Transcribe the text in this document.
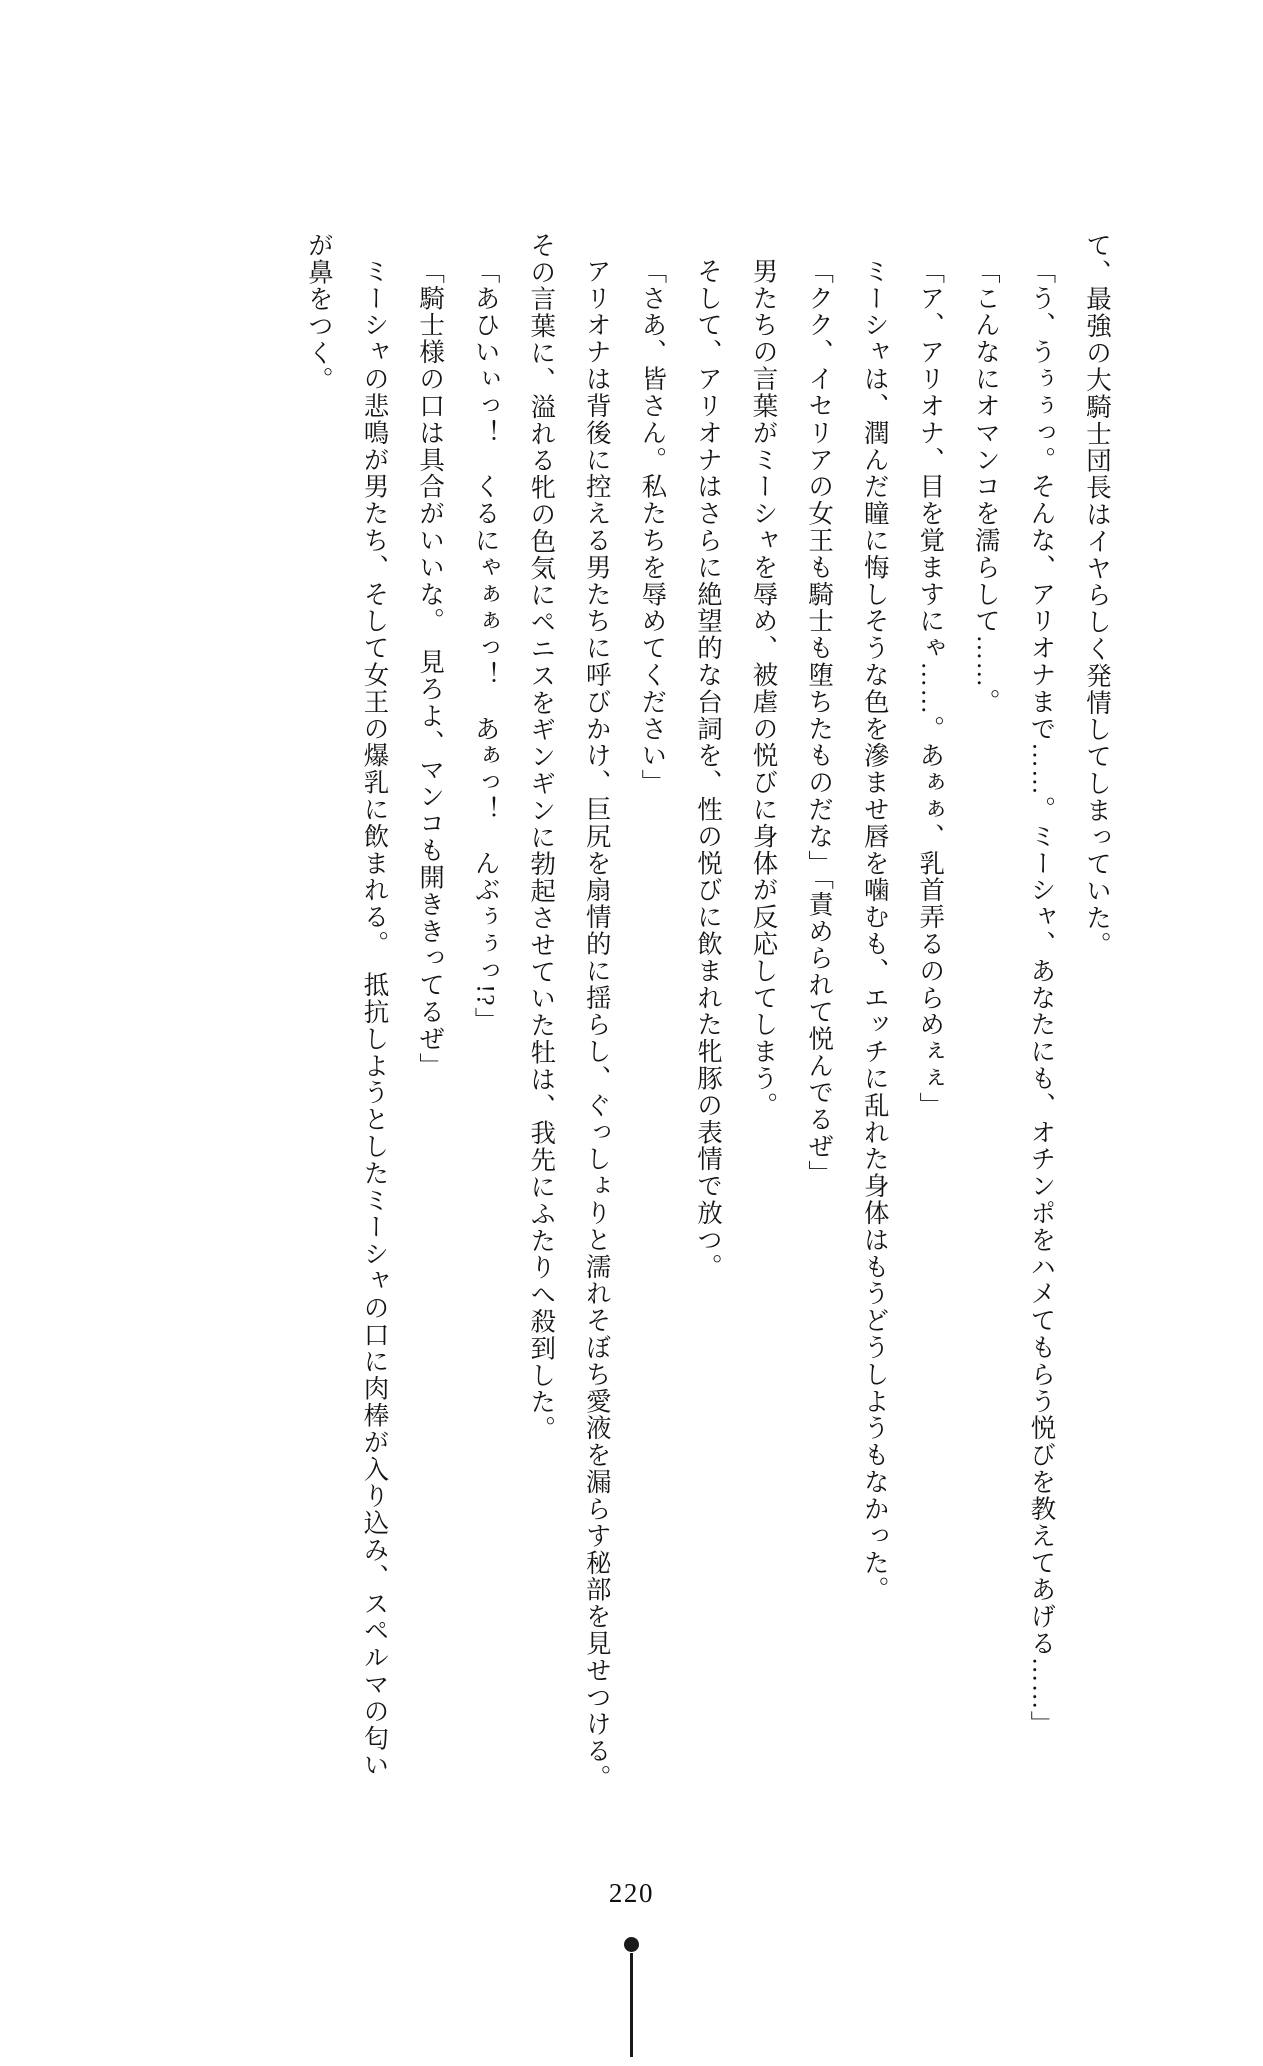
て、最強の大騎士団長はイヤらしく発情してしまっていた。

「う、うぅぅっ。そんな、アリオナまで……。ミーシャ、あなたにも、オチンポをハメてもらう悦びを教えてあげる……」

「こんなにオマンコを濡らして……。

「ア、アリオナ、目を覚ますにゃ……。あぁぁ、乳首弄るのらめぇぇ」

ミーシャは、潤んだ瞳に悔しそうな色を滲ませ唇を噛むも、エッチに乱れた身体はもうどうしようもなかった。

「クク、イセリアの女王も騎士も堕ちたものだな」「責められて悦んでるぜ」

男たちの言葉がミーシャを辱め、被虐の悦びに身体が反応してしまう。

そして、アリオナはさらに絶望的な台詞を、性の悦びに飲まれた牝豚の表情で放つ。

「さあ、皆さん。私たちを辱めてください」

アリオナは背後に控える男たちに呼びかけ、巨尻を扇情的に揺らし、ぐっしょりと濡れそぼち愛液を漏らす秘部を見せつける。その言葉に、溢れる牝の色気にペニスをギンギンに勃起させていた牡は、我先にふたりへ殺到した。

「あひいぃっ！　くるにゃぁぁっ！　あぁっ！　んぶぅぅっ!?」

「騎士様の口は具合がいいな。　見ろよ、マンコも開ききってるぜ」

ミーシャの悲鳴が男たち、そして女王の爆乳に飲まれる。　抵抗しようとしたミーシャの口に肉棒が入り込み、スペルマの匂いが鼻をつく。

220
